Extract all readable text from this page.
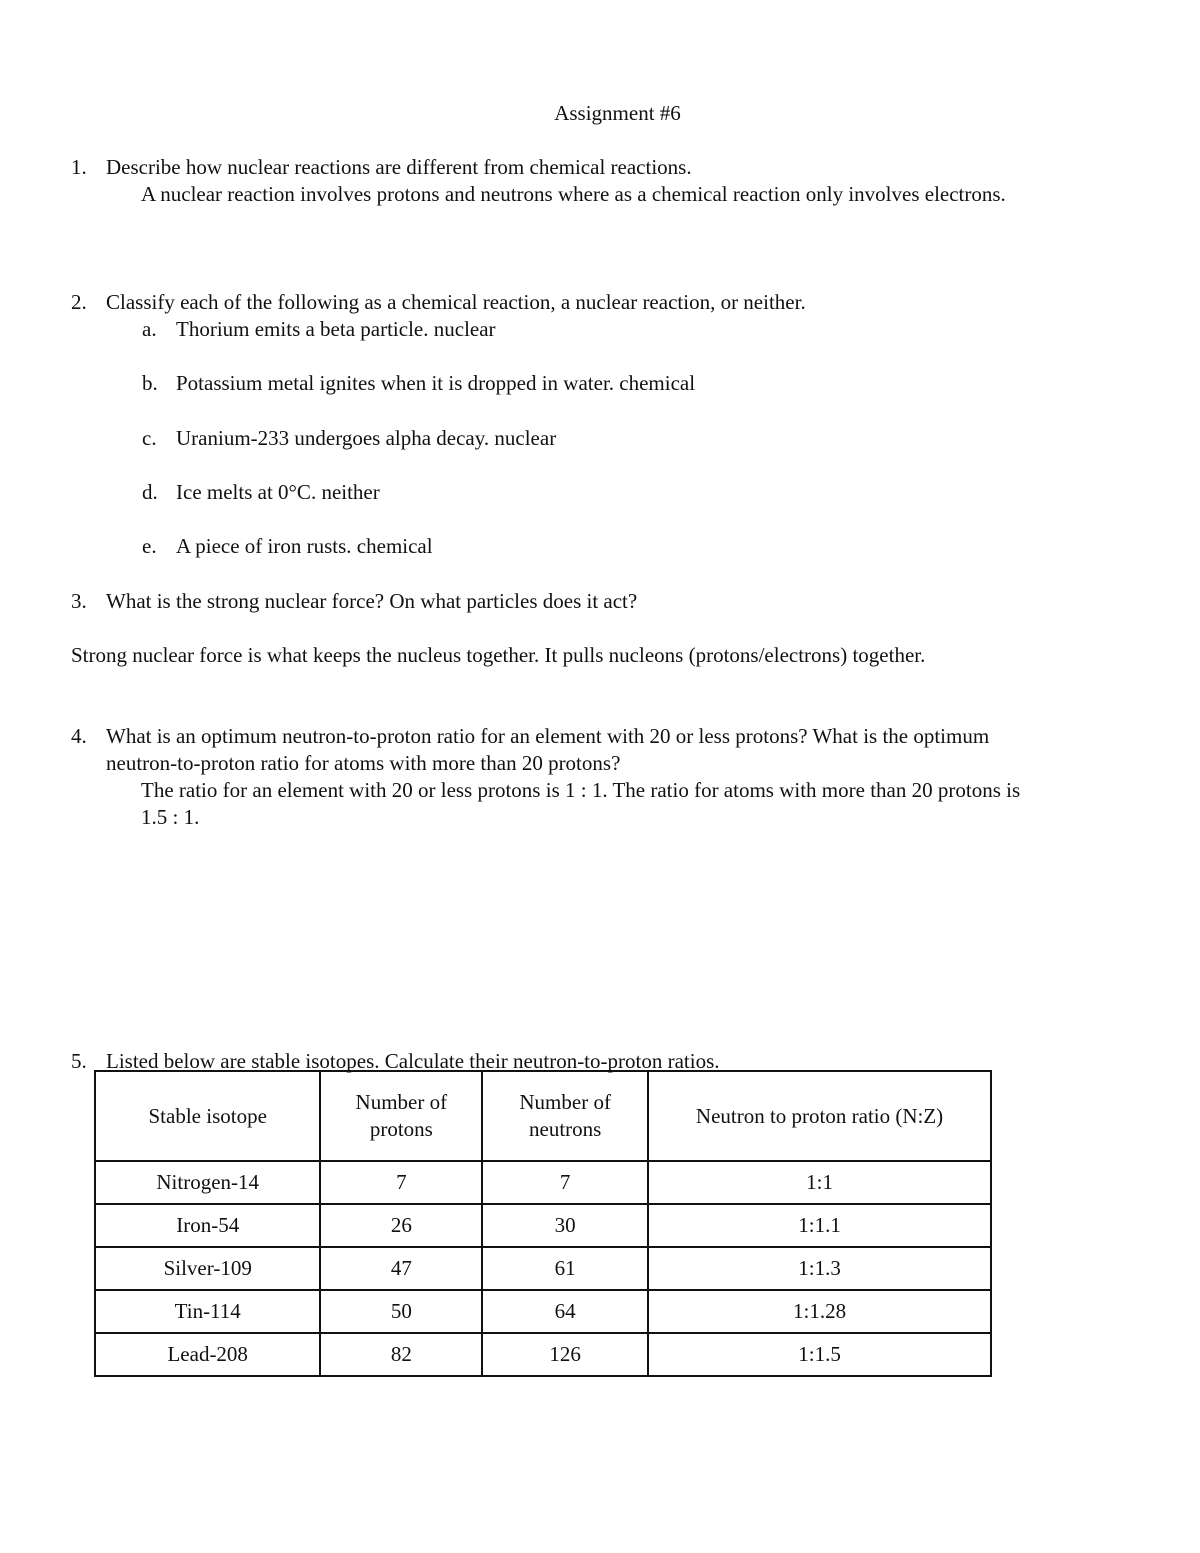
Assignment #6
1. Describe how nuclear reactions are different from chemical reactions.
A nuclear reaction involves protons and neutrons where as a chemical reaction only involves electrons.
2. Classify each of the following as a chemical reaction, a nuclear reaction, or neither.
a. Thorium emits a beta particle. nuclear
b. Potassium metal ignites when it is dropped in water. chemical
c. Uranium-233 undergoes alpha decay. nuclear
d. Ice melts at 0°C. neither
e. A piece of iron rusts. chemical
3. What is the strong nuclear force? On what particles does it act?
Strong nuclear force is what keeps the nucleus together. It pulls nucleons (protons/electrons) together.
4. What is an optimum neutron-to-proton ratio for an element with 20 or less protons? What is the optimum
neutron-to-proton ratio for atoms with more than 20 protons?
The ratio for an element with 20 or less protons is 1 : 1. The ratio for atoms with more than 20 protons is
1.5 : 1.
5. Listed below are stable isotopes. Calculate their neutron-to-proton ratios.
Stable isotope	Number of protons	Number of neutrons	Neutron to proton ratio (N:Z)
Nitrogen-14	7	7	1:1
Iron-54	26	30	1:1.1
Silver-109	47	61	1:1.3
Tin-114	50	64	1:1.28
Lead-208	82	126	1:1.5
